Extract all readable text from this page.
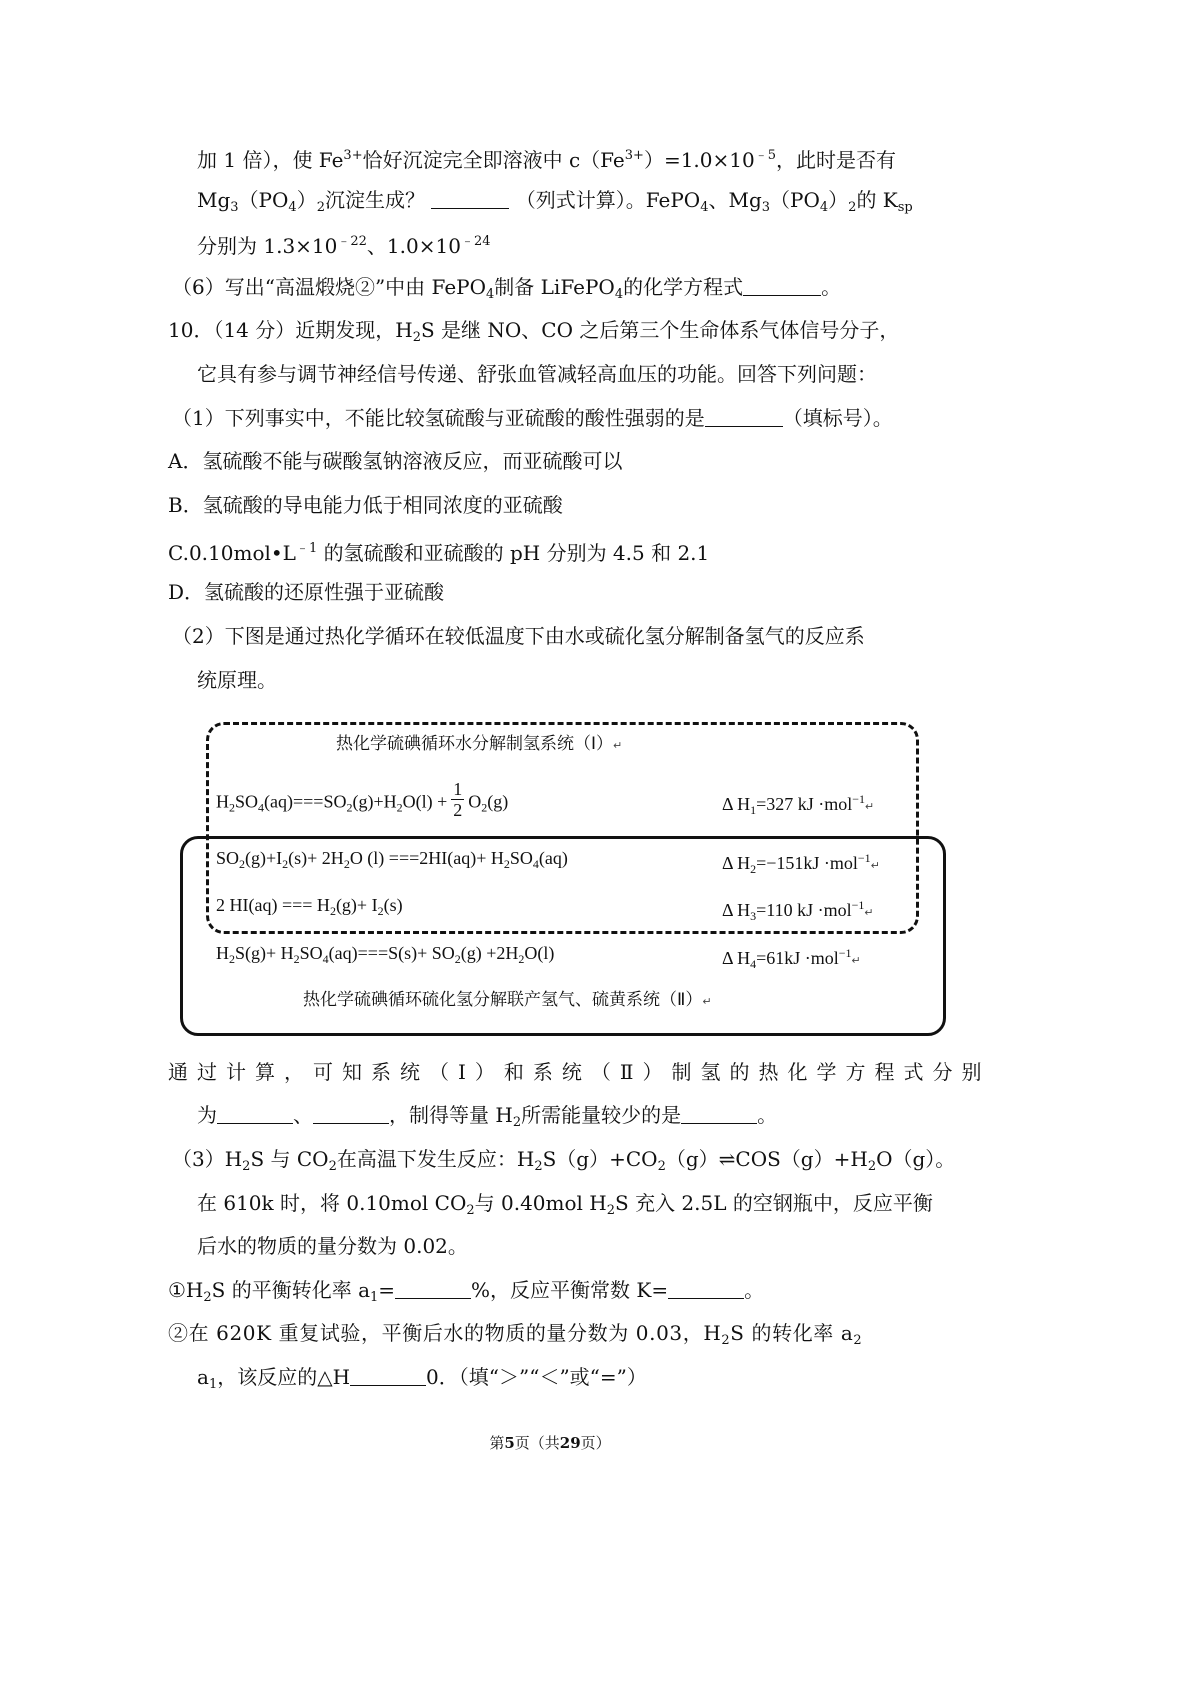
加 1 倍），使 $Fe^{3+}$恰好沉淀完全即溶液中 $c(Fe^{3+})=1.0\times 10^{﹣5}$，此时是否有
$Mg_3(PO_4)_2$沉淀生成？	（列式计算）。FePO$_4$、$Mg_3(PO_4)_2$的 $K_{sp}$
分别为 $1.3\times 10^{﹣22}$、$1.0\times 10^{﹣24}$
（6）写出“高温煅烧②”中由 FePO$_4$制备 LiFePO$_4$的化学方程式	。
10．（14 分）近期发现，$H_2S$ 是继 NO、CO 之后第三个生命体系气体信号分子，
它具有参与调节神经信号传递、舒张血管减轻高血压的功能。回答下列问题：
（1）下列事实中，不能比较氢硫酸与亚硫酸的酸性强弱的是	（填标号）。
A．氢硫酸不能与碳酸氢钠溶液反应，而亚硫酸可以
B．氢硫酸的导电能力低于相同浓度的亚硫酸
$C.0.10mol•L^{﹣1}$ 的氢硫酸和亚硫酸的 pH 分别为 4.5 和 2.1
D．氢硫酸的还原性强于亚硫酸
（2）下图是通过热化学循环在较低温度下由水或硫化氢分解制备氢气的反应系
统原理。
热化学硫碘循环水分解制氢系统（Ⅰ）↵
$H_2SO_4(aq)===SO_2(g)+H_2O(l) + \frac{1}{2} O_2(g)$	Δ $H_1=327$ kJ ·mol$^{-1}$↵
$SO_2(g)+I_2(s)+ 2H_2O$ $(l) ===2HI(aq)+ H_2SO_4(aq)$	Δ $H_2=-151kJ$ ·mol$^{-1}$↵
2 HI(aq) === $H_2(g)+ I_2(s)$	Δ $H_3=110$ kJ ·mol$^{-1}$↵
$H_2S(g)+ H_2SO_4(aq)===S(s)+ SO_2(g) +2H_2O(l)$	Δ $H_4=61kJ$ ·mol$^{-1}$↵
热化学硫碘循环硫化氢分解联产氢气、硫黄系统（Ⅱ）↵
通过计算，可知系统（Ⅰ）和系统（Ⅱ）制氢的热化学方程式分别
为	、	，制得等量 $H_2$所需能量较少的是	。
$(3)H_2S$ 与 $CO_2$在高温下发生反应：$H_2S(g)+CO_2(g)\rightleftharpoons COS(g)+H_2O(g)$。
在 610k 时，将 0.10mol $CO_2$与 0.40mol $H_2S$ 充入 2.5L 的空钢瓶中，反应平衡
后水的物质的量分数为 0.02。
$①H_2S$ 的平衡转化率 $a_1=$	%，反应平衡常数 K=	。
②在 620K 重复试验，平衡后水的物质的量分数为 0.03，$H_2S$ 的转化率 $a_2$
$a_1$，该反应的△H	0．（填“＞”“＜”或“=”）
第5页（共29页）
